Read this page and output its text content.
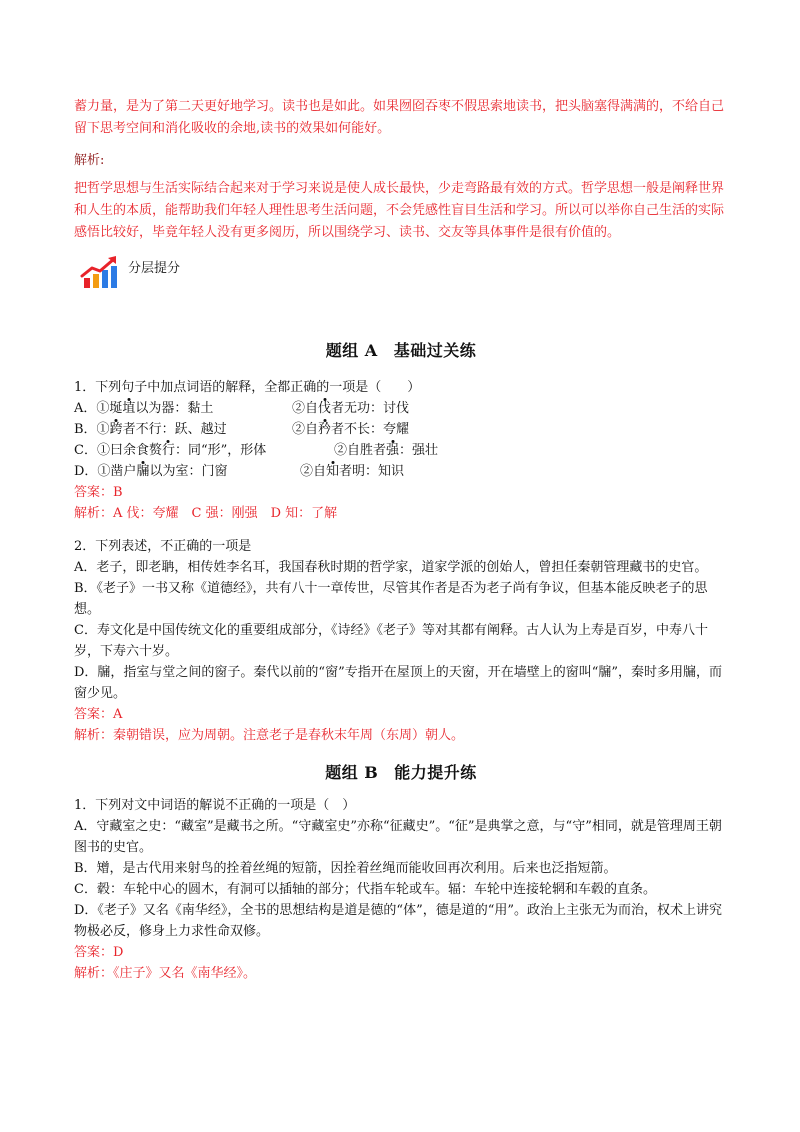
蓄力量，是为了第二天更好地学习。读书也是如此。如果囫囵吞枣不假思索地读书，把头脑塞得满满的，不给自己留下思考空间和消化吸收的余地,读书的效果如何能好。

解析:

把哲学思想与生活实际结合起来对于学习来说是使人成长最快，少走弯路最有效的方式。哲学思想一般是阐释世界和人生的本质，能帮助我们年轻人理性思考生活问题，不会凭感性盲目生活和学习。所以可以举你自己生活的实际感悟比较好，毕竟年轻人没有更多阅历，所以围绕学习、读书、交友等具体事件是很有价值的。

分层提分
题组 A 基础过关练

1．下列句子中加点词语的解释，全都正确的一项是（　　）

A．①埏埴以为器：黏土	②自伐者无功：讨伐

B．①跨者不行：跃、越过	②自矜者不长：夸耀

C．①曰余食赘行：同“形”，形体	②自胜者强：强壮

D．①凿户牖以为室：门窗	②自知者明：知识

答案：B

解析：A 伐：夸耀　C 强：刚强　D 知：了解

2．下列表述，不正确的一项是

A．老子，即老聃，相传姓李名耳，我国春秋时期的哲学家，道家学派的创始人，曾担任秦朝管理藏书的史官。

B．《老子》一书又称《道德经》，共有八十一章传世，尽管其作者是否为老子尚有争议，但基本能反映老子的思想。

C．寿文化是中国传统文化的重要组成部分，《诗经》《老子》等对其都有阐释。古人认为上寿是百岁，中寿八十岁，下寿六十岁。

D．牖，指室与堂之间的窗子。秦代以前的“窗”专指开在屋顶上的天窗，开在墙壁上的窗叫“牖”，秦时多用牖，而窗少见。

答案：A

解析：秦朝错误，应为周朝。注意老子是春秋末年周（东周）朝人。

题组 B 能力提升练

1．下列对文中词语的解说不正确的一项是（　）

A．守藏室之史：“藏室”是藏书之所。“守藏室史”亦称“征藏史”。“征”是典掌之意，与“守”相同，就是管理周王朝图书的史官。

B．矰，是古代用来射鸟的拴着丝绳的短箭，因拴着丝绳而能收回再次利用。后来也泛指短箭。

C．毂：车轮中心的圆木，有洞可以插轴的部分；代指车轮或车。辐：车轮中连接轮辋和车毂的直条。

D．《老子》又名《南华经》，全书的思想结构是道是德的“体”，德是道的“用”。政治上主张无为而治，权术上讲究物极必反，修身上力求性命双修。

答案：D

解析：《庄子》又名《南华经》。
